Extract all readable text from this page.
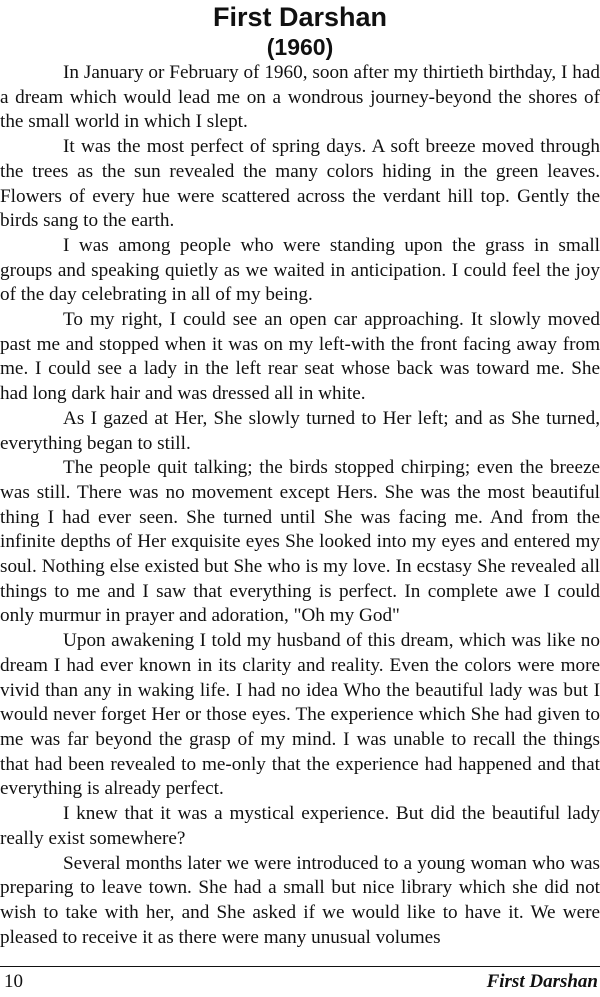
First Darshan
(1960)

In January or February of 1960, soon after my thirtieth birthday, I had a dream which would lead me on a wondrous journey-beyond the shores of the small world in which I slept.

It was the most perfect of spring days. A soft breeze moved through the trees as the sun revealed the many colors hiding in the green leaves. Flowers of every hue were scattered across the verdant hill top. Gently the birds sang to the earth.

I was among people who were standing upon the grass in small groups and speaking quietly as we waited in anticipation. I could feel the joy of the day celebrating in all of my being.

To my right, I could see an open car approaching. It slowly moved past me and stopped when it was on my left-with the front facing away from me. I could see a lady in the left rear seat whose back was toward me. She had long dark hair and was dressed all in white.

As I gazed at Her, She slowly turned to Her left; and as She turned, everything began to still.

The people quit talking; the birds stopped chirping; even the breeze was still. There was no movement except Hers. She was the most beautiful thing I had ever seen. She turned until She was facing me. And from the infinite depths of Her exquisite eyes She looked into my eyes and entered my soul. Nothing else existed but She who is my love. In ecstasy She revealed all things to me and I saw that everything is perfect. In complete awe I could only murmur in prayer and adoration, "Oh my God"

Upon awakening I told my husband of this dream, which was like no dream I had ever known in its clarity and reality. Even the colors were more vivid than any in waking life. I had no idea Who the beautiful lady was but I would never forget Her or those eyes. The experience which She had given to me was far beyond the grasp of my mind. I was unable to recall the things that had been revealed to me-only that the experience had happened and that everything is already perfect.

I knew that it was a mystical experience. But did the beautiful lady really exist somewhere?

Several months later we were introduced to a young woman who was preparing to leave town. She had a small but nice library which she did not wish to take with her, and She asked if we would like to have it. We were pleased to receive it as there were many unusual volumes

10	First Darshan
